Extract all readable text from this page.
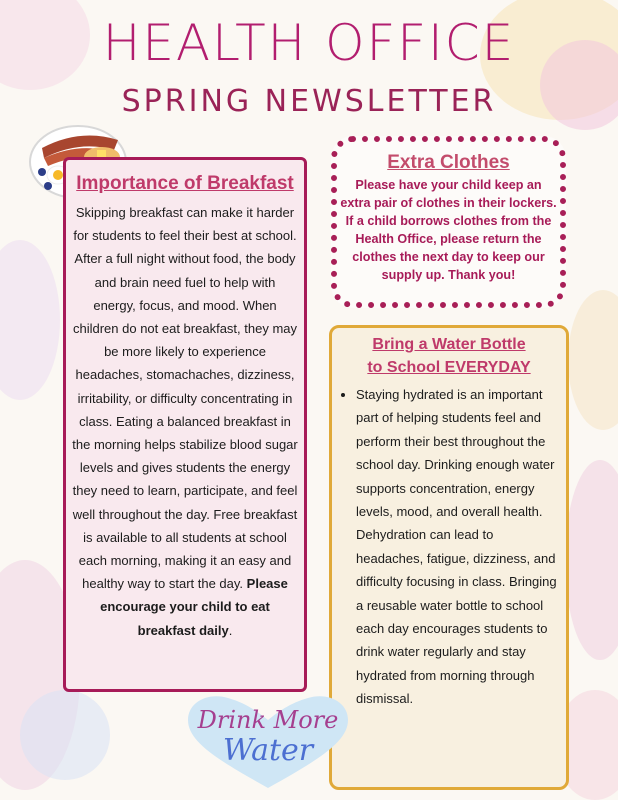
HEALTH OFFICE
SPRING NEWSLETTER
Importance of Breakfast
Skipping breakfast can make it harder for students to feel their best at school. After a full night without food, the body and brain need fuel to help with energy, focus, and mood. When children do not eat breakfast, they may be more likely to experience headaches, stomachaches, dizziness, irritability, or difficulty concentrating in class. Eating a balanced breakfast in the morning helps stabilize blood sugar levels and gives students the energy they need to learn, participate, and feel well throughout the day. Free breakfast is available to all students at school each morning, making it an easy and healthy way to start the day. Please encourage your child to eat breakfast daily.
Extra Clothes
Please have your child keep an extra pair of clothes in their lockers.
If a child borrows clothes from the Health Office, please return the clothes the next day to keep our supply up. Thank you!
Bring a Water Bottle
to School EVERYDAY
• Staying hydrated is an important part of helping students feel and perform their best throughout the school day. Drinking enough water supports concentration, energy levels, mood, and overall health. Dehydration can lead to headaches, fatigue, dizziness, and difficulty focusing in class. Bringing a reusable water bottle to school each day encourages students to drink water regularly and stay hydrated from morning through dismissal.
Drink More
Water
